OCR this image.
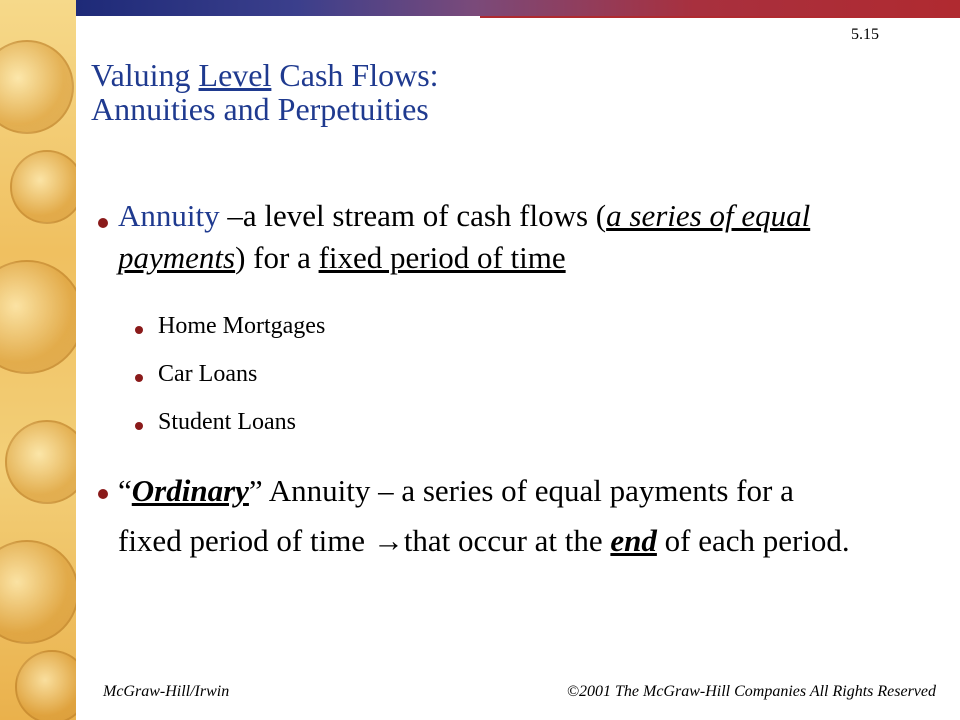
5.15
Valuing Level Cash Flows:
Annuities and Perpetuities
Annuity –a level stream of cash flows (a series of equal payments) for a fixed period of time
Home Mortgages
Car Loans
Student Loans
“Ordinary” Annuity – a series of equal payments for a fixed period of time →that occur at the end of each period.
McGraw-Hill/Irwin	©2001 The McGraw-Hill Companies All Rights Reserved
